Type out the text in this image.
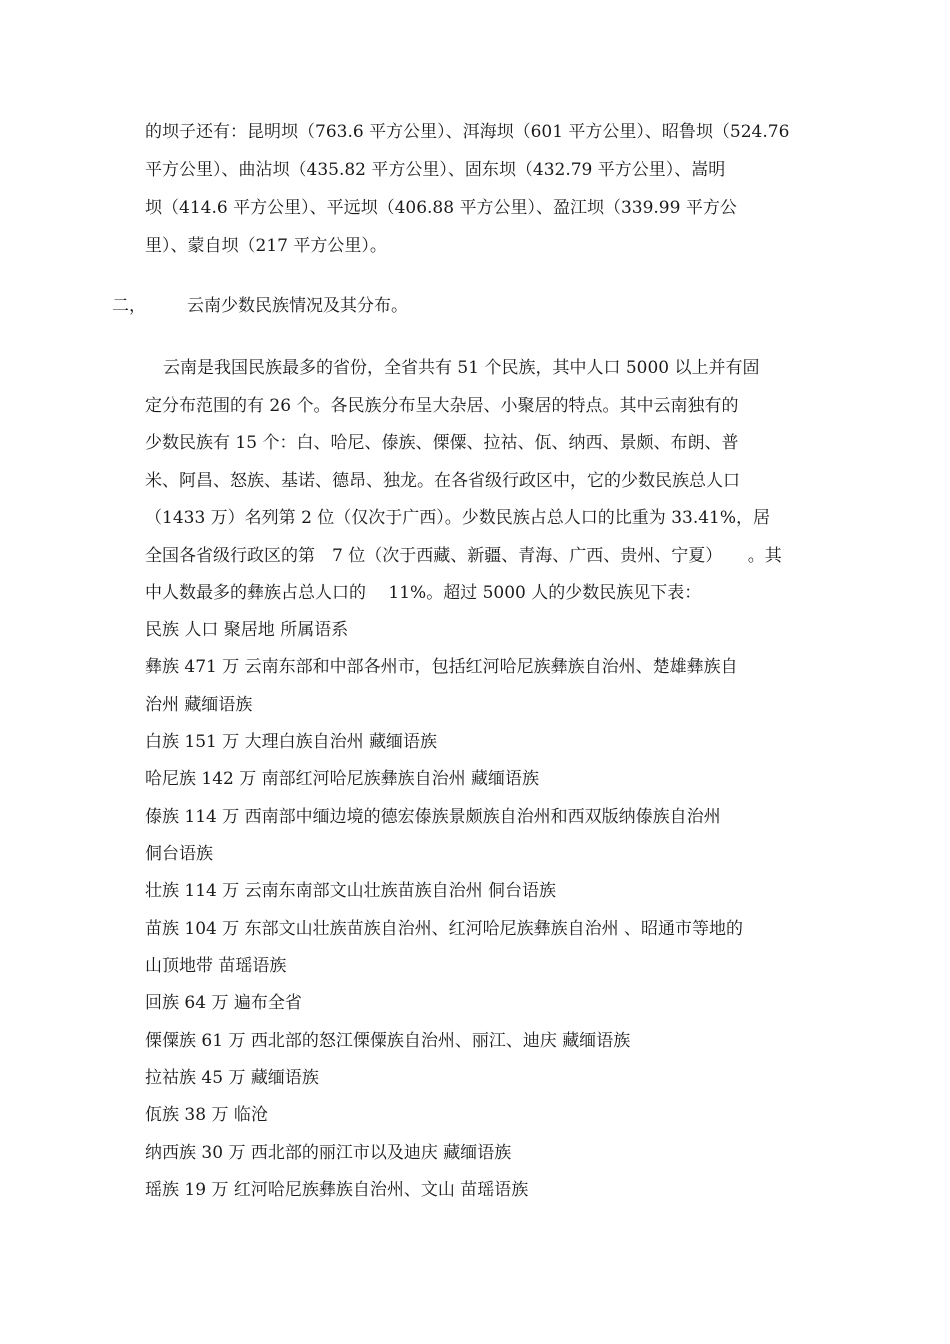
的坝子还有：昆明坝（763.6 平方公里）、洱海坝（601 平方公里）、昭鲁坝（524.76
平方公里）、曲沾坝（435.82 平方公里）、固东坝（432.79 平方公里）、嵩明
坝（414.6 平方公里）、平远坝（406.88 平方公里）、盈江坝（339.99 平方公
里）、蒙自坝（217 平方公里）。
二， 云南少数民族情况及其分布。
云南是我国民族最多的省份，全省共有 51 个民族，其中人口 5000 以上并有固
定分布范围的有 26 个。各民族分布呈大杂居、小聚居的特点。其中云南独有的
少数民族有 15 个：白、哈尼、傣族、傈僳、拉祜、佤、纳西、景颇、布朗、普
米、阿昌、怒族、基诺、德昂、独龙。在各省级行政区中，它的少数民族总人口
（1433 万）名列第 2 位（仅次于广西）。少数民族占总人口的比重为 33.41%，居
全国各省级行政区的第　7 位（次于西藏、新疆、青海、广西、贵州、宁夏）　　。其
中人数最多的彝族占总人口的　 11%。超过 5000 人的少数民族见下表：
民族 人口 聚居地 所属语系
彝族 471 万 云南东部和中部各州市，包括红河哈尼族彝族自治州、楚雄彝族自
治州 藏缅语族
白族 151 万 大理白族自治州 藏缅语族
哈尼族 142 万 南部红河哈尼族彝族自治州 藏缅语族
傣族 114 万 西南部中缅边境的德宏傣族景颇族自治州和西双版纳傣族自治州
侗台语族
壮族 114 万 云南东南部文山壮族苗族自治州 侗台语族
苗族 104 万 东部文山壮族苗族自治州、红河哈尼族彝族自治州 、昭通市等地的
山顶地带 苗瑶语族
回族 64 万 遍布全省
傈僳族 61 万 西北部的怒江傈僳族自治州、丽江、迪庆 藏缅语族
拉祜族 45 万 藏缅语族
佤族 38 万 临沧
纳西族 30 万 西北部的丽江市以及迪庆 藏缅语族
瑶族 19 万 红河哈尼族彝族自治州、文山 苗瑶语族
